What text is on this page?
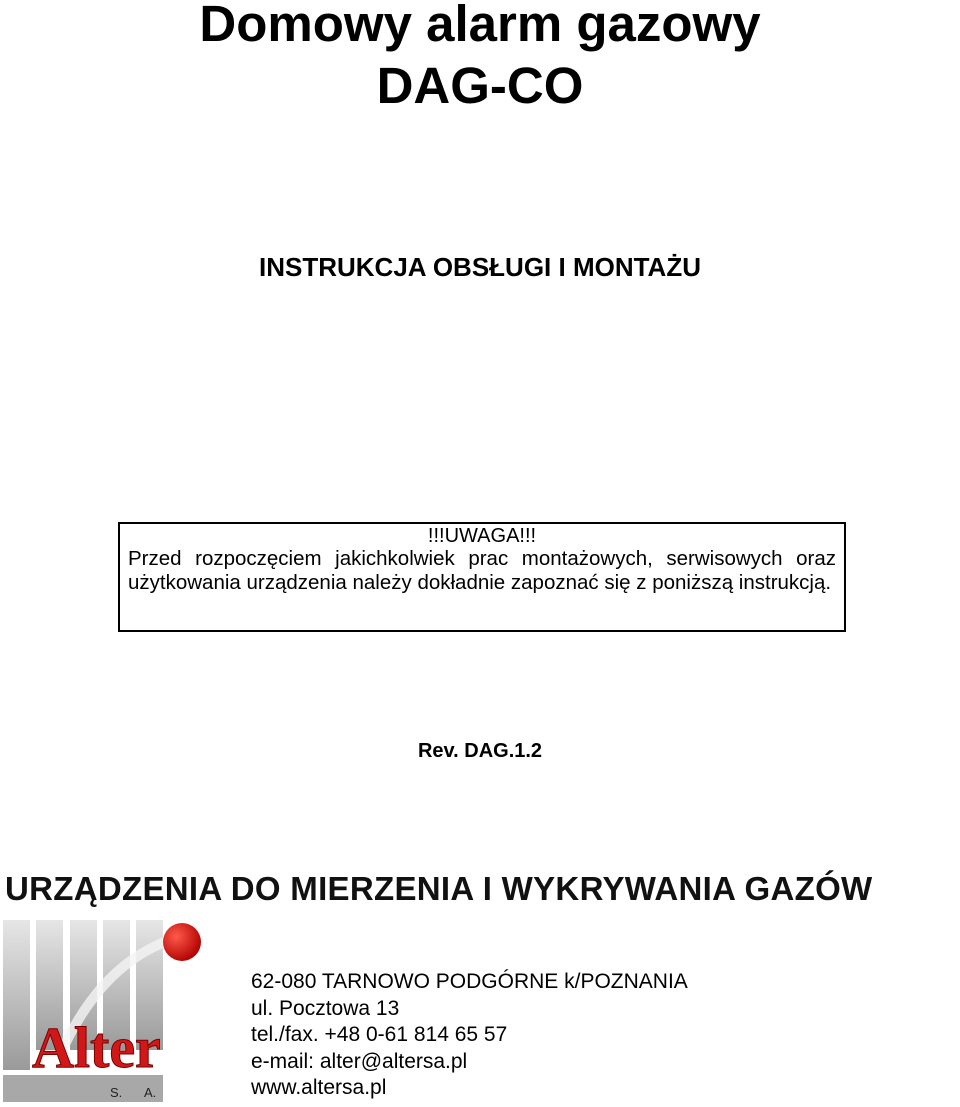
Domowy alarm gazowy
DAG-CO
INSTRUKCJA OBSŁUGI I MONTAŻU
!!!UWAGA!!!
Przed rozpoczęciem jakichkolwiek prac montażowych, serwisowych oraz użytkowania urządzenia należy dokładnie zapoznać się z poniższą instrukcją.
Rev. DAG.1.2
URZĄDZENIA DO MIERZENIA I WYKRYWANIA GAZÓW
Alter
S.      A.
62-080 TARNOWO PODGÓRNE k/POZNANIA
ul. Pocztowa 13
tel./fax. +48 0-61 814 65 57
e-mail: alter@altersa.pl
www.altersa.pl
